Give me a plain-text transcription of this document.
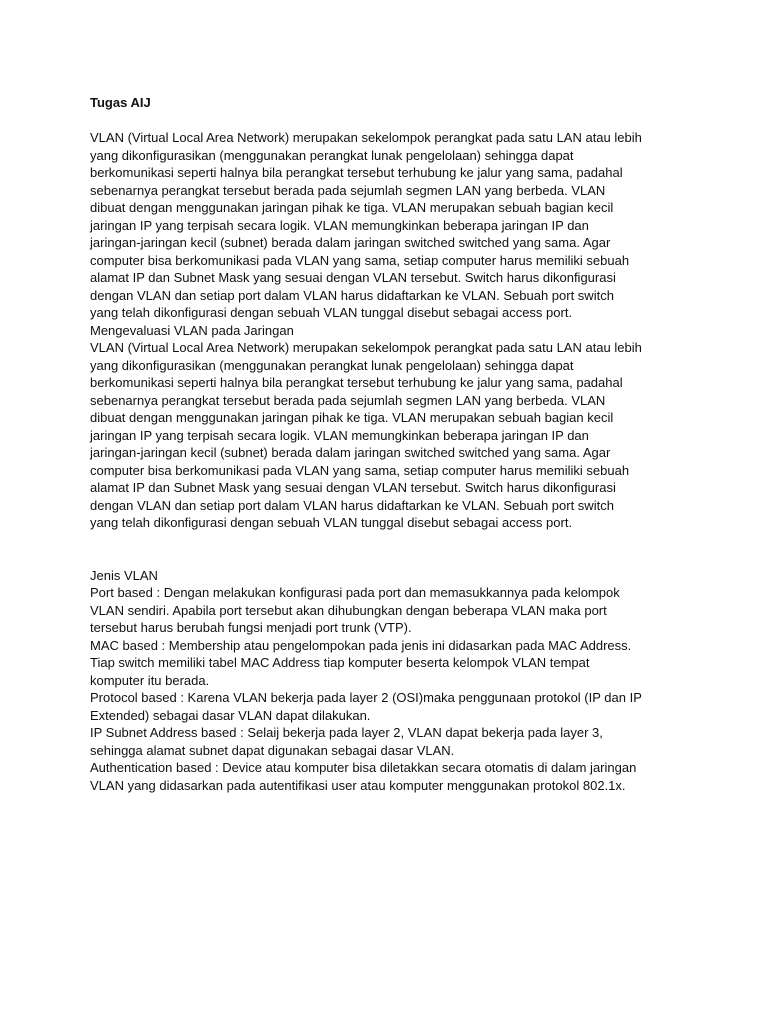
Tugas AIJ
VLAN (Virtual Local Area Network) merupakan sekelompok perangkat pada satu LAN atau lebih
yang dikonfigurasikan (menggunakan perangkat lunak pengelolaan) sehingga dapat
berkomunikasi seperti halnya bila perangkat tersebut terhubung ke jalur yang sama, padahal
sebenarnya perangkat tersebut berada pada sejumlah segmen LAN yang berbeda. VLAN
dibuat dengan menggunakan jaringan pihak ke tiga. VLAN merupakan sebuah bagian kecil
jaringan IP yang terpisah secara logik. VLAN memungkinkan beberapa jaringan IP dan
jaringan-jaringan kecil (subnet) berada dalam jaringan switched switched yang sama. Agar
computer bisa berkomunikasi pada VLAN yang sama, setiap computer harus memiliki sebuah
alamat IP dan Subnet Mask yang sesuai dengan VLAN tersebut. Switch harus dikonfigurasi
dengan VLAN dan setiap port dalam VLAN harus didaftarkan ke VLAN. Sebuah port switch
yang telah dikonfigurasi dengan sebuah VLAN tunggal disebut sebagai access port.
Mengevaluasi VLAN pada Jaringan
VLAN (Virtual Local Area Network) merupakan sekelompok perangkat pada satu LAN atau lebih
yang dikonfigurasikan (menggunakan perangkat lunak pengelolaan) sehingga dapat
berkomunikasi seperti halnya bila perangkat tersebut terhubung ke jalur yang sama, padahal
sebenarnya perangkat tersebut berada pada sejumlah segmen LAN yang berbeda. VLAN
dibuat dengan menggunakan jaringan pihak ke tiga. VLAN merupakan sebuah bagian kecil
jaringan IP yang terpisah secara logik. VLAN memungkinkan beberapa jaringan IP dan
jaringan-jaringan kecil (subnet) berada dalam jaringan switched switched yang sama. Agar
computer bisa berkomunikasi pada VLAN yang sama, setiap computer harus memiliki sebuah
alamat IP dan Subnet Mask yang sesuai dengan VLAN tersebut. Switch harus dikonfigurasi
dengan VLAN dan setiap port dalam VLAN harus didaftarkan ke VLAN. Sebuah port switch
yang telah dikonfigurasi dengan sebuah VLAN tunggal disebut sebagai access port.
Jenis VLAN
Port based : Dengan melakukan konfigurasi pada port dan memasukkannya pada kelompok
VLAN sendiri. Apabila port tersebut akan dihubungkan dengan beberapa VLAN maka port
tersebut harus berubah fungsi menjadi port trunk (VTP).
MAC based : Membership atau pengelompokan pada jenis ini didasarkan pada MAC Address.
Tiap switch memiliki tabel MAC Address tiap komputer beserta kelompok VLAN tempat
komputer itu berada.
Protocol based : Karena VLAN bekerja pada layer 2 (OSI)maka penggunaan protokol (IP dan IP
Extended) sebagai dasar VLAN dapat dilakukan.
IP Subnet Address based : Selaij bekerja pada layer 2, VLAN dapat bekerja pada layer 3,
sehingga alamat subnet dapat digunakan sebagai dasar VLAN.
Authentication based : Device atau komputer bisa diletakkan secara otomatis di dalam jaringan
VLAN yang didasarkan pada autentifikasi user atau komputer menggunakan protokol 802.1x.
